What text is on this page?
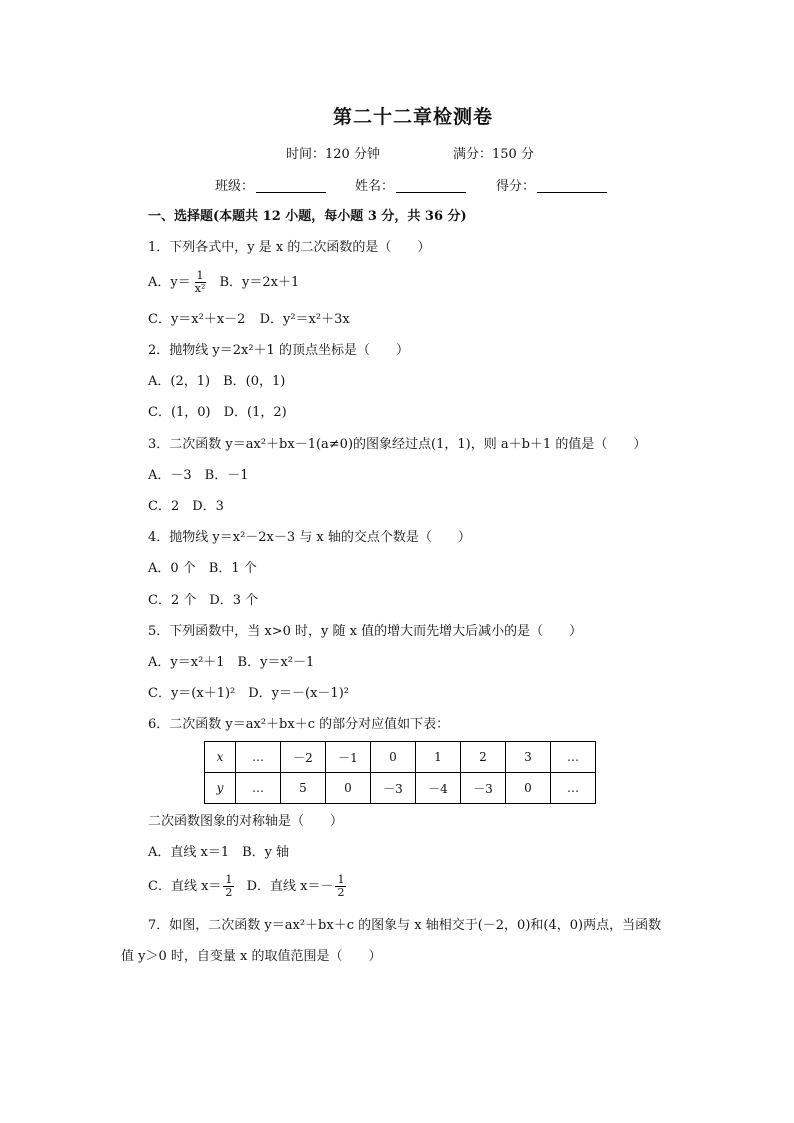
第二十二章检测卷
时间：120 分钟	满分：150 分
班级：	姓名：	得分：
一、选择题(本题共 12 小题，每小题 3 分，共 36 分)
1．下列各式中，y 是 x 的二次函数的是（　　）
A．$y= \frac{1}{\text{x²}}$ B．y＝2x＋1
C．y＝x²＋x－2 D．y²＝x²＋3x
2．抛物线 y＝2x²＋1 的顶点坐标是（　　）
A．(2，1)　B．(0，1)
C．(1，0)　D．(1，2)
3．二次函数 y＝ax²＋bx－1(a≠0)的图象经过点(1，1)，则 a＋b＋1 的值是（　　）
A．－3　B．－1
C．2　D．3
4．抛物线 y＝x²－2x－3 与 x 轴的交点个数是（　　）
A．0 个　B．1 个
C．2 个　D．3 个
5．下列函数中，当 x>0 时，y 随 x 值的增大而先增大后减小的是（　　）
A．y＝x²＋1　B．y＝x²－1
C．y＝(x＋1)²　D．y＝－(x－1)²
6．二次函数 y＝ax²＋bx＋c 的部分对应值如下表：
x	…	－2	－1	0	1	2	3	…
y	…	5	0	－3	－4	－3	0	…
二次函数图象的对称轴是（　　）
A．直线 x＝1　B．y 轴
C．直线 $x= \frac{1}{2}$ D．直线 $x=- \frac{1}{2}$
7．如图，二次函数 y＝ax²＋bx＋c 的图象与 x 轴相交于(－2，0)和(4，0)两点，当函数
值 y＞0 时，自变量 x 的取值范围是（　　）
